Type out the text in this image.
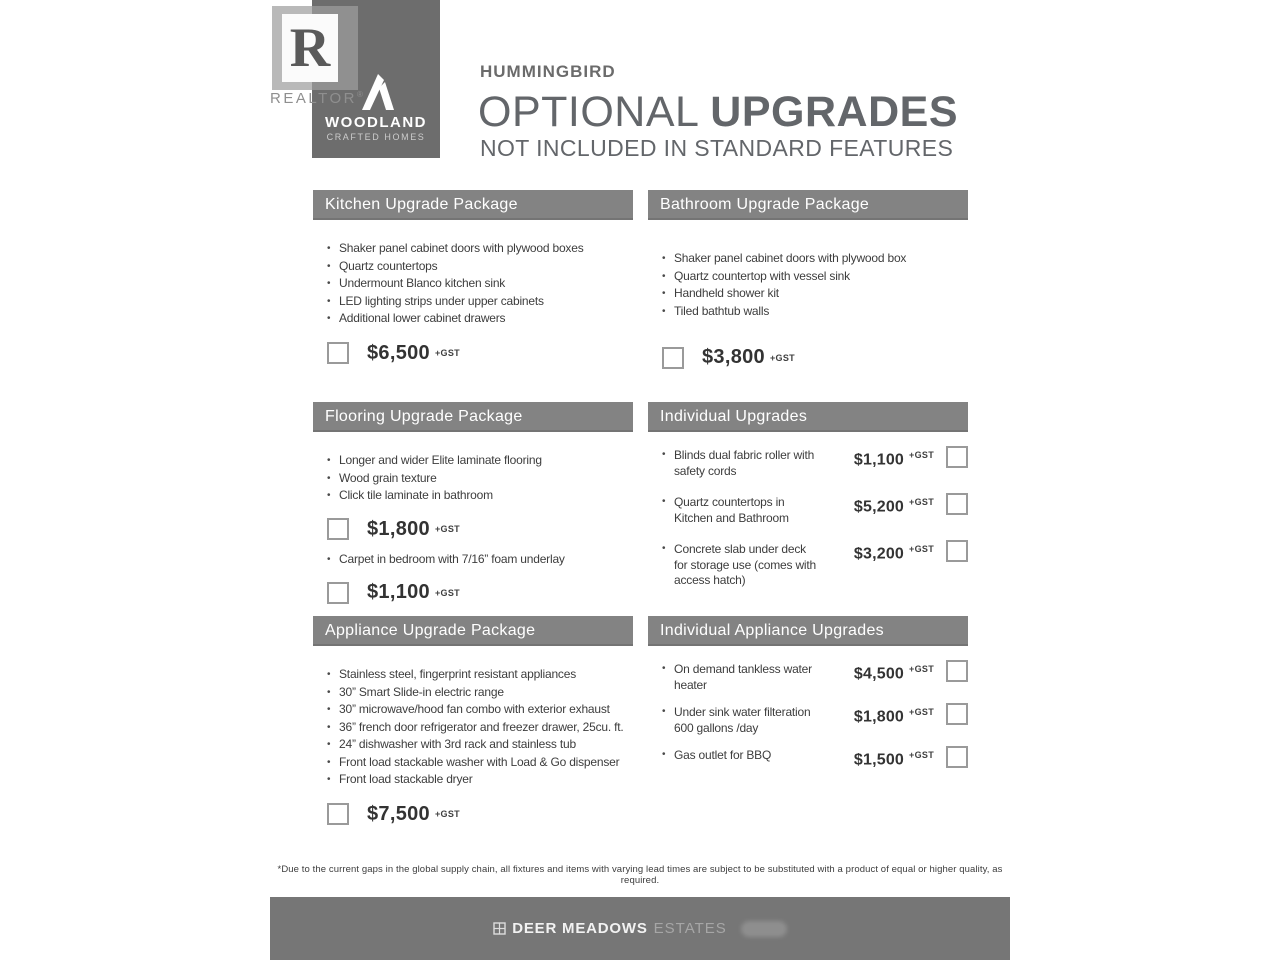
WOODLAND
CRAFTED HOMES
R
REALTOR®
HUMMINGBIRD
OPTIONAL UPGRADES
NOT INCLUDED IN STANDARD FEATURES
Kitchen Upgrade Package
• Shaker panel cabinet doors with plywood boxes
• Quartz countertops
• Undermount Blanco kitchen sink
• LED lighting strips under upper cabinets
• Additional lower cabinet drawers
$6,500 +GST
Bathroom Upgrade Package
• Shaker panel cabinet doors with plywood box
• Quartz countertop with vessel sink
• Handheld shower kit
• Tiled bathtub walls
$3,800 +GST
Flooring Upgrade Package
• Longer and wider Elite laminate flooring
• Wood grain texture
• Click tile laminate in bathroom
$1,800 +GST
• Carpet in bedroom with 7/16” foam underlay
$1,100 +GST
Individual Upgrades
• Blinds dual fabric roller with
safety cords
$1,100 $^{+GST}$
• Quartz countertops in
Kitchen and Bathroom
$5,200 $^{+GST}$
• Concrete slab under deck
for storage use (comes with
access hatch)
$3,200 $^{+GST}$
Appliance Upgrade Package
• Stainless steel, fingerprint resistant appliances
• 30” Smart Slide-in electric range
• 30” microwave/hood fan combo with exterior exhaust
• 36” french door refrigerator and freezer drawer, 25cu. ft.
• 24” dishwasher with 3rd rack and stainless tub
• Front load stackable washer with Load & Go dispenser
• Front load stackable dryer
$7,500 +GST
Individual Appliance Upgrades
• On demand tankless water
heater
$4,500 $^{+GST}$
• Under sink water filteration
600 gallons /day
$1,800 $^{+GST}$
• Gas outlet for BBQ	$1,500 $^{+GST}$
*Due to the current gaps in the global supply chain, all fixtures and items with varying lead times are subject to be substituted with a product of equal or higher quality, as required.
DEER MEADOWS ESTATES
